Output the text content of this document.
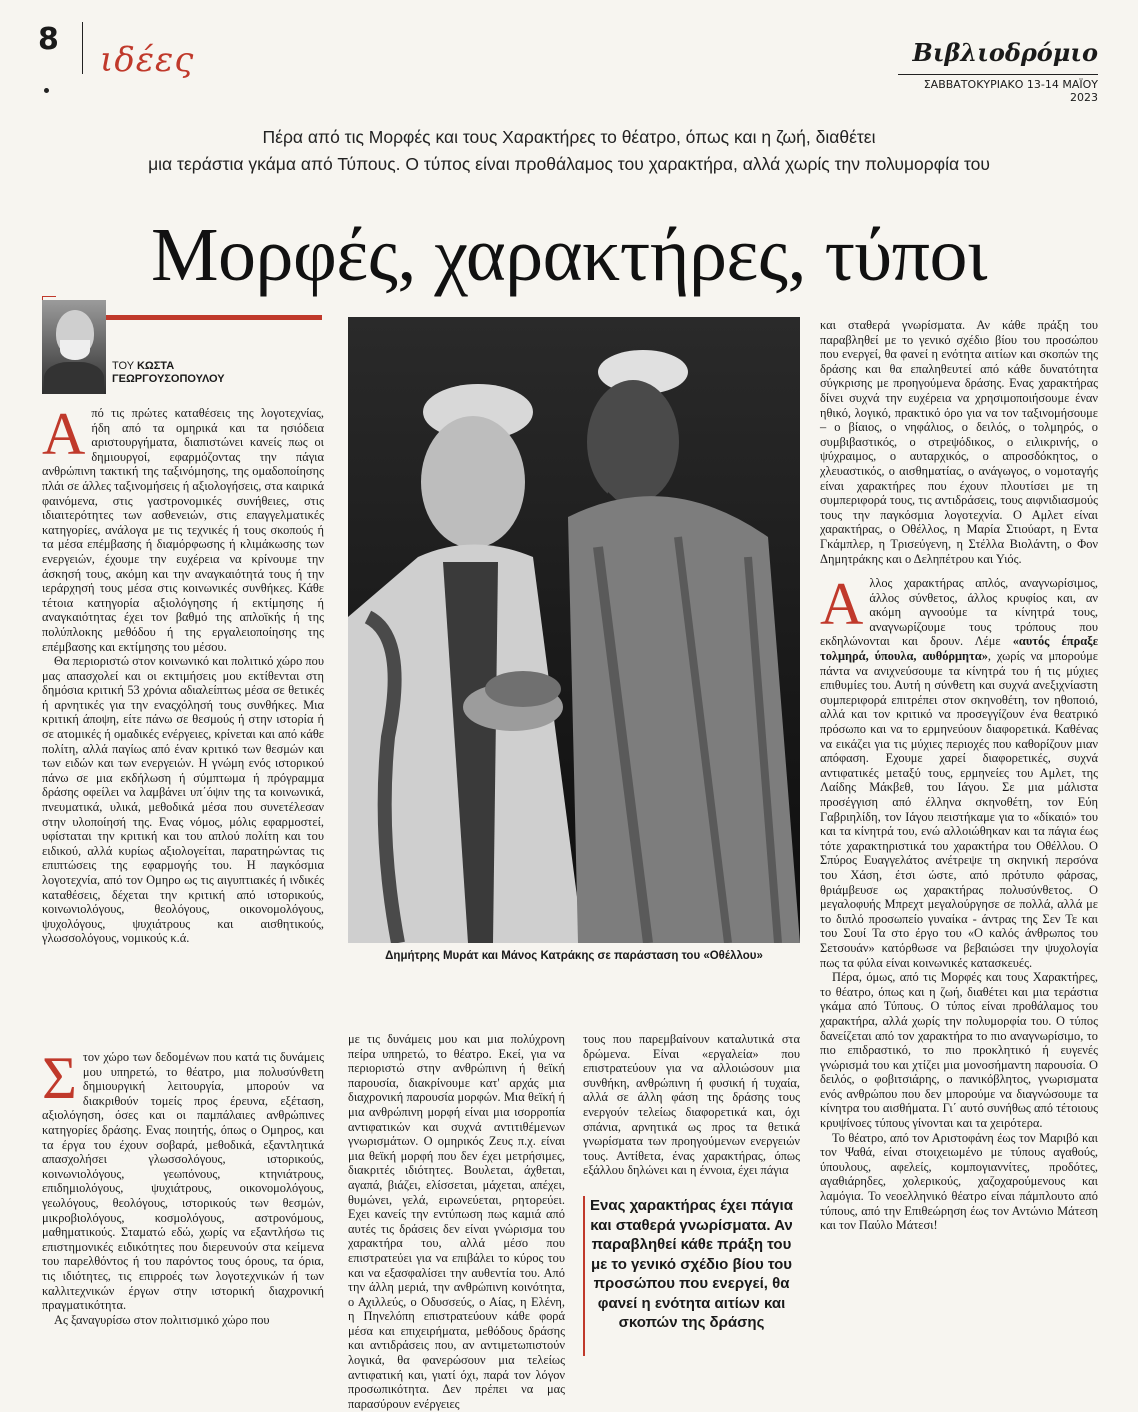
8
ιδέες	Βιβλιοδρόμιο
ΣΑΒΒΑΤΟΚΥΡΙΑΚΟ 13-14 ΜΑΪΟΥ 2023
Πέρα από τις Μορφές και τους Χαρακτήρες το θέατρο, όπως και η ζωή, διαθέτει
μια τεράστια γκάμα από Τύπους. Ο τύπος είναι προθάλαμος του χαρακτήρα, αλλά χωρίς την πολυμορφία του
Μορφές, χαρακτήρες, τύποι
ΤΟΥ ΚΩΣΤΑ
ΓΕΩΡΓΟΥΣΟΠΟΥΛΟΥ

Από τις πρώτες καταθέσεις της λογοτεχνίας, ήδη από τα ομηρικά και τα ησιόδεια αριστουργήματα, διαπιστώνει κανείς πως οι δημιουργοί, εφαρμόζοντας την πάγια ανθρώπινη τακτική της ταξινόμησης, της ομαδοποίησης πλάι σε άλλες ταξινομήσεις ή αξιολογήσεις, στα καιρικά φαινόμενα, στις γαστρονομικές συνήθειες, στις ιδιαιτερότητες των ασθενειών, στις επαγγελματικές κατηγορίες, ανάλογα με τις τεχνικές ή τους σκοπούς ή τα μέσα επέμβασης ή διαμόρφωσης ή κλιμάκωσης των ενεργειών, έχουμε την ευχέρεια να κρίνουμε την άσκησή τους, ακόμη και την αναγκαιότητά τους ή την ιεράρχησή τους μέσα στις κοινωνικές συνθήκες. Κάθε τέτοια κατηγορία αξιολόγησης ή εκτίμησης ή αναγκαιότητας έχει τον βαθμό της απλοϊκής ή της πολύπλοκης μεθόδου ή της εργαλειοποίησης της επέμβασης και εκτίμησης του μέσου.

Θα περιοριστώ στον κοινωνικό και πολιτικό χώρο που μας απασχολεί και οι εκτιμήσεις μου εκτίθενται στη δημόσια κριτική 53 χρόνια αδιαλείπτως μέσα σε θετικές ή αρνητικές για την εναςχόλησή τους συνθήκες. Μια κριτική άποψη, είτε πάνω σε θεσμούς ή στην ιστορία ή σε ατομικές ή ομαδικές ενέργειες, κρίνεται και από κάθε πολίτη, αλλά παγίως από έναν κριτικό των θεσμών και των ειδών και των ενεργειών. Η γνώμη ενός ιστορικού πάνω σε μια εκδήλωση ή σύμπτωμα ή πρόγραμμα δράσης οφείλει να λαμβάνει υπ΄όψιν της τα κοινωνικά, πνευματικά, υλικά, μεθοδικά μέσα που συνετέλεσαν στην υλοποίησή της. Ενας νόμος, μόλις εφαρμοστεί, υφίσταται την κριτική και του απλού πολίτη και του ειδικού, αλλά κυρίως αξιολογείται, παρατηρώντας τις επιπτώσεις της εφαρμογής του. Η παγκόσμια λογοτεχνία, από τον Ομηρο ως τις αιγυπτιακές ή ινδικές καταθέσεις, δέχεται την κριτική από ιστορικούς, κοινωνιολόγους, θεολόγους, οικονομολόγους, ψυχολόγους, ψυχιάτρους και αισθητικούς, γλωσσολόγους, νομικούς κ.ά.

Στον χώρο των δεδομένων που κατά τις δυνάμεις μου υπηρετώ, το θέατρο, μια πολυσύνθετη δημιουργική λειτουργία, μπορούν να διακριθούν τομείς προς έρευνα, εξέταση, αξιολόγηση, όσες και οι παμπάλαιες ανθρώπινες κατηγορίες δράσης. Ενας ποιητής, όπως ο Ομηρος, και τα έργα του έχουν σοβαρά, μεθοδικά, εξαντλητικά απασχολήσει γλωσσολόγους, ιστορικούς, κοινωνιολόγους, γεωπόνους, κτηνιάτρους, επιδημιολόγους, ψυχιάτρους, οικονομολόγους, γεωλόγους, θεολόγους, ιστορικούς των θεσμών, μικροβιολόγους, κοσμολόγους, αστρονόμους, μαθηματικούς. Σταματώ εδώ, χωρίς να εξαντλήσω τις επιστημονικές ειδικότητες που διερευνούν στα κείμενα του παρελθόντος ή του παρόντος τους όρους, τα όρια, τις ιδιότητες, τις επιρροές των λογοτεχνικών ή των καλλιτεχνικών έργων στην ιστορική διαχρονική πραγματικότητα.

Ας ξαναγυρίσω στον πολιτισμικό χώρο που

Δημήτρης Μυράτ και Μάνος Κατράκης σε παράσταση του «Οθέλλου»

με τις δυνάμεις μου και μια πολύχρονη πείρα υπηρετώ, το θέατρο. Εκεί, για να περιοριστώ στην ανθρώπινη ή θεϊκή παρουσία, διακρίνουμε κατ' αρχάς μια διαχρονική παρουσία μορφών. Μια θεϊκή ή μια ανθρώπινη μορφή είναι μια ισορροπία αντιφατικών και συχνά αντιτιθέμενων γνωρισμάτων. Ο ομηρικός Ζευς π.χ. είναι μια θεϊκή μορφή που δεν έχει μετρήσιμες, διακριτές ιδιότητες. Βουλεται, άχθεται, αγαπά, βιάζει, ελίσσεται, μάχεται, απέχει, θυμώνει, γελά, ειρωνεύεται, ρητορεύει. Εχει κανείς την εντύπωση πως καμιά από αυτές τις δράσεις δεν είναι γνώρισμα του χαρακτήρα του, αλλά μέσο που επιστρατεύει για να επιβάλει το κύρος του και να εξασφαλίσει την αυθεντία του. Από την άλλη μεριά, την ανθρώπινη κοινότητα, ο Αχιλλεύς, ο Οδυσσεύς, ο Αίας, η Ελένη, η Πηνελόπη επιστρατεύουν κάθε φορά μέσα και επιχειρήματα, μεθόδους δράσης και αντιδράσεις που, αν αντιμετωπιστούν λογικά, θα φανερώσουν μια τελείως αντιφατική και, γιατί όχι, παρά τον λόγον προσωπικότητα. Δεν πρέπει να μας παρασύρουν ενέργειες

τους που παρεμβαίνουν καταλυτικά στα δρώμενα. Είναι «εργαλεία» που επιστρατεύουν για να αλλοιώσουν μια συνθήκη, ανθρώπινη ή φυσική ή τυχαία, αλλά σε άλλη φάση της δράσης τους ενεργούν τελείως διαφορετικά και, όχι σπάνια, αρνητικά ως προς τα θετικά γνωρίσματα των προηγούμενων ενεργειών τους. Αντίθετα, ένας χαρακτήρας, όπως εξάλλου δηλώνει και η έννοια, έχει πάγια

Ενας χαρακτήρας έχει πάγια και σταθερά γνωρίσματα. Αν παραβληθεί κάθε πράξη του με το γενικό σχέδιο βίου του προσώπου που ενεργεί, θα φανεί η ενότητα αιτίων και σκοπών της δράσης

και σταθερά γνωρίσματα. Αν κάθε πράξη του παραβληθεί με το γενικό σχέδιο βίου του προσώπου που ενεργεί, θα φανεί η ενότητα αιτίων και σκοπών της δράσης και θα επαληθευτεί από κάθε δυνατότητα σύγκρισης με προηγούμενα δράσης. Ενας χαρακτήρας δίνει συχνά την ευχέρεια να χρησιμοποιήσουμε έναν ηθικό, λογικό, πρακτικό όρο για να τον ταξινομήσουμε – ο βίαιος, ο νηφάλιος, ο δειλός, ο τολμηρός, ο συμβιβαστικός, ο στρεψόδικος, ο ειλικρινής, ο ψύχραιμος, ο αυταρχικός, ο απροσδόκητος, ο χλευαστικός, ο αισθηματίας, ο ανάγωγος, ο νομοταγής είναι χαρακτήρες που έχουν πλουτίσει με τη συμπεριφορά τους, τις αντιδράσεις, τους αιφνιδιασμούς τους την παγκόσμια λογοτεχνία. Ο Αμλετ είναι χαρακτήρας, ο Οθέλλος, η Μαρία Στιούαρτ, η Εντα Γκάμπλερ, η Τρισεύγενη, η Στέλλα Βιολάντη, ο Φον Δημητράκης και ο Δεληπέτρου και Υιός.

Αλλος χαρακτήρας απλός, αναγνωρίσιμος, άλλος σύνθετος, άλλος κρυφίος και, αν ακόμη αγνοούμε τα κίνητρά τους, αναγνωρίζουμε τους τρόπους που εκδηλώνονται και δρουν. Λέμε «αυτός έπραξε τολμηρά, ύπουλα, αυθόρμητα», χωρίς να μπορούμε πάντα να ανιχνεύσουμε τα κίνητρά του ή τις μύχιες επιθυμίες του. Αυτή η σύνθετη και συχνά ανεξιχνίαστη συμπεριφορά επιτρέπει στον σκηνοθέτη, τον ηθοποιό, αλλά και τον κριτικό να προσεγγίζουν ένα θεατρικό πρόσωπο και να το ερμηνεύουν διαφορετικά. Καθένας να εικάζει για τις μύχιες περιοχές που καθορίζουν μιαν απόφαση. Εχουμε χαρεί διαφορετικές, συχνά αντιφατικές μεταξύ τους, ερμηνείες του Αμλετ, της Λαίδης Μάκβεθ, του Ιάγου. Σε μια μάλιστα προσέγγιση από έλληνα σκηνοθέτη, τον Εύη Γαβριηλίδη, τον Ιάγου πειστήκαμε για το «δίκαιό» του και τα κίνητρά του, ενώ αλλοιώθηκαν και τα πάγια έως τότε χαρακτηριστικά του χαρακτήρα του Οθέλλου. Ο Σπύρος Ευαγγελάτος ανέτρεψε τη σκηνική περσόνα του Χάση, έτσι ώστε, από πρότυπο φάρσας, θριάμβευσε ως χαρακτήρας πολυσύνθετος. Ο μεγαλοφυής Μπρεχτ μεγαλούργησε σε πολλά, αλλά με το διπλό προσωπείο γυναίκα - άντρας της Σεν Τε και του Σουί Τα στο έργο του «Ο καλός άνθρωπος του Σετσουάν» κατόρθωσε να βεβαιώσει την ψυχολογία πως τα φύλα είναι κοινωνικές κατασκευές.

Πέρα, όμως, από τις Μορφές και τους Χαρακτήρες, το θέατρο, όπως και η ζωή, διαθέτει και μια τεράστια γκάμα από Τύπους. Ο τύπος είναι προθάλαμος του χαρακτήρα, αλλά χωρίς την πολυμορφία του. Ο τύπος δανείζεται από τον χαρακτήρα το πιο αναγνωρίσιμο, το πιο επιδραστικό, το πιο προκλητικό ή ευγενές γνώρισμά του και χτίζει μια μονοσήμαντη παρουσία. Ο δειλός, ο φοβιτσιάρης, ο πανικόβλητος, γνωρισματα ενός ανθρώπου που δεν μπορούμε να διαγνώσουμε τα κίνητρα του αισθήματα. Γι΄ αυτό συνήθως από τέτοιους κρυψίνοες τύπους γίνονται και τα χειρότερα.

Το θέατρο, από τον Αριστοφάνη έως τον Μαριβό και τον Ψαθά, είναι στοιχειωμένο με τύπους αγαθούς, ύπουλους, αφελείς, κομπογιαννίτες, προδότες, αγαθιάρηδες, χολερικούς, χαζοχαρούμενους και λαμόγια. Το νεοελληνικό θέατρο είναι πάμπλουτο από τύπους, από την Επιθεώρηση έως τον Αντώνιο Μάτεση και τον Παύλο Μάτεσι!
